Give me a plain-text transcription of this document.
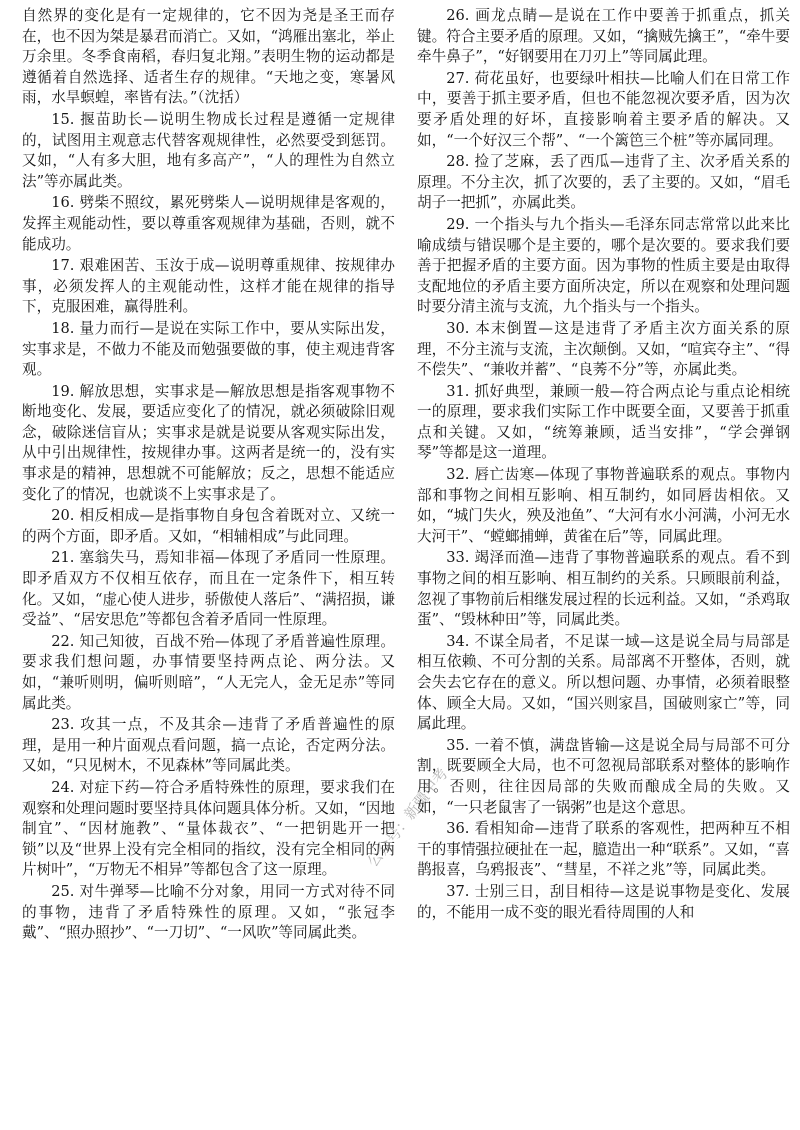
自然界的变化是有一定规律的，它不因为尧是圣王而存在，也不因为桀是暴君而消亡。又如，“鸿雁出塞北，举止万余里。冬季食南稻，春归复北翔。”表明生物的运动都是遵循着自然选择、适者生存的规律。“天地之变，寒暑风雨，水旱螟蝗，率皆有法。”（沈括）

15. 揠苗助长—说明生物成长过程是遵循一定规律的，试图用主观意志代替客观规律性，必然要受到惩罚。又如，“人有多大胆，地有多高产”，“人的理性为自然立法”等亦属此类。

16. 劈柴不照纹，累死劈柴人—说明规律是客观的，发挥主观能动性，要以尊重客观规律为基础，否则，就不能成功。

17. 艰难困苦、玉汝于成—说明尊重规律、按规律办事，必须发挥人的主观能动性，这样才能在规律的指导下，克服困难，赢得胜利。

18. 量力而行—是说在实际工作中，要从实际出发，实事求是，不做力不能及而勉强要做的事，使主观违背客观。

19. 解放思想，实事求是—解放思想是指客观事物不断地变化、发展，要适应变化了的情况，就必须破除旧观念，破除迷信盲从；实事求是就是说要从客观实际出发，从中引出规律性，按规律办事。这两者是统一的，没有实事求是的精神，思想就不可能解放；反之，思想不能适应变化了的情况，也就谈不上实事求是了。

20. 相反相成—是指事物自身包含着既对立、又统一的两个方面，即矛盾。又如，“相辅相成”与此同理。

21. 塞翁失马，焉知非福—体现了矛盾同一性原理。即矛盾双方不仅相互依存，而且在一定条件下，相互转化。又如，“虚心使人进步，骄傲使人落后”、“满招损，谦受益”、“居安思危”等都包含着矛盾同一性原理。

22. 知己知彼，百战不殆—体现了矛盾普遍性原理。要求我们想问题，办事情要坚持两点论、两分法。又如，“兼听则明，偏听则暗”，“人无完人，金无足赤”等同属此类。

23. 攻其一点，不及其余—违背了矛盾普遍性的原理，是用一种片面观点看问题，搞一点论，否定两分法。又如，“只见树木，不见森林”等同属此类。

24. 对症下药—符合矛盾特殊性的原理，要求我们在观察和处理问题时要坚持具体问题具体分析。又如，“因地制宜”、“因材施教”、“量体裁衣”、“一把钥匙开一把锁”以及“世界上没有完全相同的指纹，没有完全相同的两片树叶”，“万物无不相异”等都包含了这一原理。

25. 对牛弹琴—比喻不分对象，用同一方式对待不同的事物，违背了矛盾特殊性的原理。又如，“张冠李戴”、“照办照抄”、“一刀切”、“一风吹”等同属此类。

26. 画龙点睛—是说在工作中要善于抓重点，抓关键。符合主要矛盾的原理。又如，“擒贼先擒王”，“牵牛要牵牛鼻子”，“好钢要用在刀刃上”等同属此理。

27. 荷花虽好，也要绿叶相扶—比喻人们在日常工作中，要善于抓主要矛盾，但也不能忽视次要矛盾，因为次要矛盾处理的好坏，直接影响着主要矛盾的解决。又如，“一个好汉三个帮”、“一个篱笆三个桩”等亦属同理。

28. 捡了芝麻，丢了西瓜—违背了主、次矛盾关系的原理。不分主次，抓了次要的，丢了主要的。又如，“眉毛胡子一把抓”，亦属此类。

29. 一个指头与九个指头—毛泽东同志常常以此来比喻成绩与错误哪个是主要的，哪个是次要的。要求我们要善于把握矛盾的主要方面。因为事物的性质主要是由取得支配地位的矛盾主要方面所决定，所以在观察和处理问题时要分清主流与支流，九个指头与一个指头。

30. 本末倒置—这是违背了矛盾主次方面关系的原理，不分主流与支流，主次颠倒。又如，“喧宾夺主”、“得不偿失”、“兼收并蓄”、“良莠不分”等，亦属此类。

31. 抓好典型，兼顾一般—符合两点论与重点论相统一的原理，要求我们实际工作中既要全面，又要善于抓重点和关键。又如，“统筹兼顾，适当安排”，“学会弹钢琴”等都是这一道理。

32. 唇亡齿寒—体现了事物普遍联系的观点。事物内部和事物之间相互影响、相互制约，如同唇齿相依。又如，“城门失火，殃及池鱼”、“大河有水小河满，小河无水大河干”、“螳螂捕蝉，黄雀在后”等，同属此理。

33. 竭泽而渔—违背了事物普遍联系的观点。看不到事物之间的相互影响、相互制约的关系。只顾眼前利益，忽视了事物前后相继发展过程的长远利益。又如，“杀鸡取蛋”、“毁林种田”等，同属此类。

34. 不谋全局者，不足谋一域—这是说全局与局部是相互依赖、不可分割的关系。局部离不开整体，否则，就会失去它存在的意义。所以想问题、办事情，必须着眼整体、顾全大局。又如，“国兴则家昌，国破则家亡”等，同属此理。

35. 一着不慎，满盘皆输—这是说全局与局部不可分割，既要顾全大局，也不可忽视局部联系对整体的影响作用。否则，往往因局部的失败而酿成全局的失败。又如，“一只老鼠害了一锅粥”也是这个意思。

36. 看相知命—违背了联系的客观性，把两种互不相干的事情强拉硬扯在一起，臆造出一种“联系”。又如，“喜鹊报喜，乌鸦报丧”、“彗星，不祥之兆”等，同属此类。

37. 士别三日，刮目相待—这是说事物是变化、发展的，不能用一成不变的眼光看待周围的人和

公众号：新疆中考
